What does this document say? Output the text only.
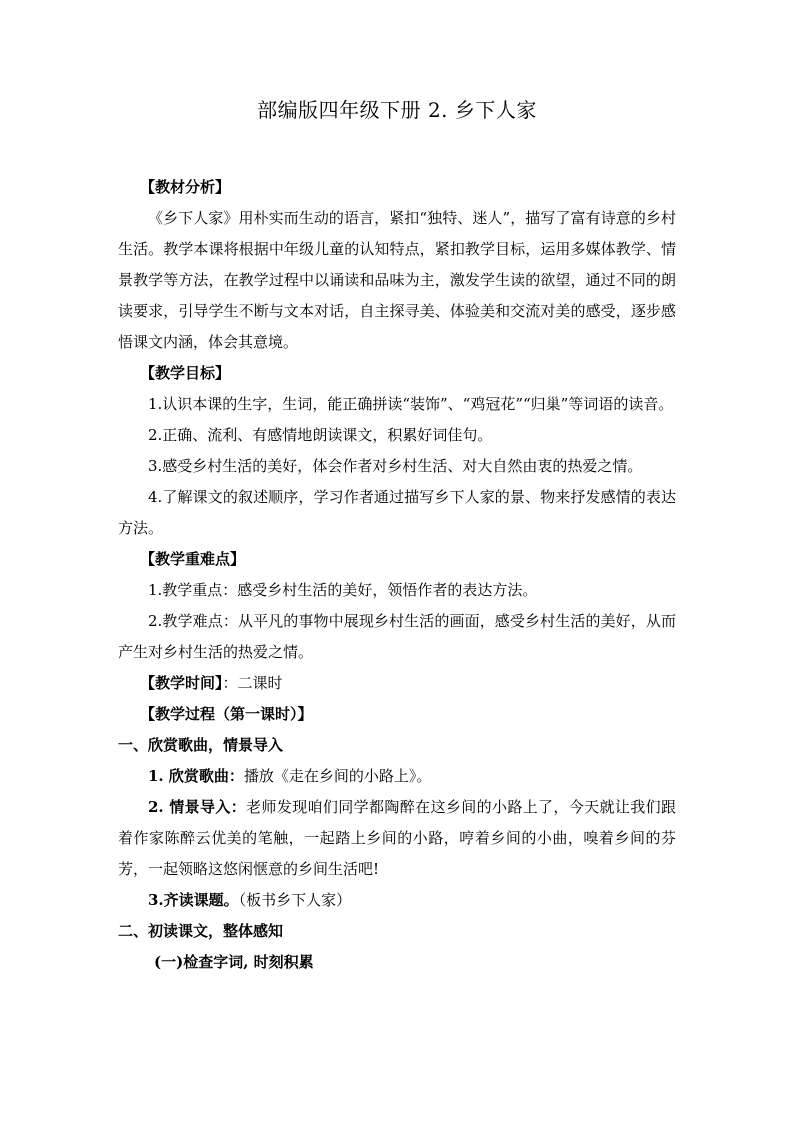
部编版四年级下册 2. 乡下人家

【教材分析】

《乡下人家》用朴实而生动的语言，紧扣“独特、迷人”，描写了富有诗意的乡村生活。教学本课将根据中年级儿童的认知特点，紧扣教学目标，运用多媒体教学、情景教学等方法，在教学过程中以诵读和品味为主，激发学生读的欲望，通过不同的朗读要求，引导学生不断与文本对话，自主探寻美、体验美和交流对美的感受，逐步感悟课文内涵，体会其意境。

【教学目标】

1.认识本课的生字，生词，能正确拼读“装饰”、“鸡冠花”“归巢”等词语的读音。

2.正确、流利、有感情地朗读课文，积累好词佳句。

3.感受乡村生活的美好，体会作者对乡村生活、对大自然由衷的热爱之情。

4.了解课文的叙述顺序，学习作者通过描写乡下人家的景、物来抒发感情的表达方法。

【教学重难点】

1.教学重点：感受乡村生活的美好，领悟作者的表达方法。

2.教学难点：从平凡的事物中展现乡村生活的画面，感受乡村生活的美好，从而产生对乡村生活的热爱之情。

【教学时间】：二课时

【教学过程（第一课时）】

一、欣赏歌曲，情景导入

1. 欣赏歌曲：播放《走在乡间的小路上》。

2. 情景导入：老师发现咱们同学都陶醉在这乡间的小路上了，今天就让我们跟着作家陈醉云优美的笔触，一起踏上乡间的小路，哼着乡间的小曲，嗅着乡间的芬芳，一起领略这悠闲惬意的乡间生活吧!

3.齐读课题。（板书乡下人家）

二、初读课文，整体感知

(一)检查字词, 时刻积累
